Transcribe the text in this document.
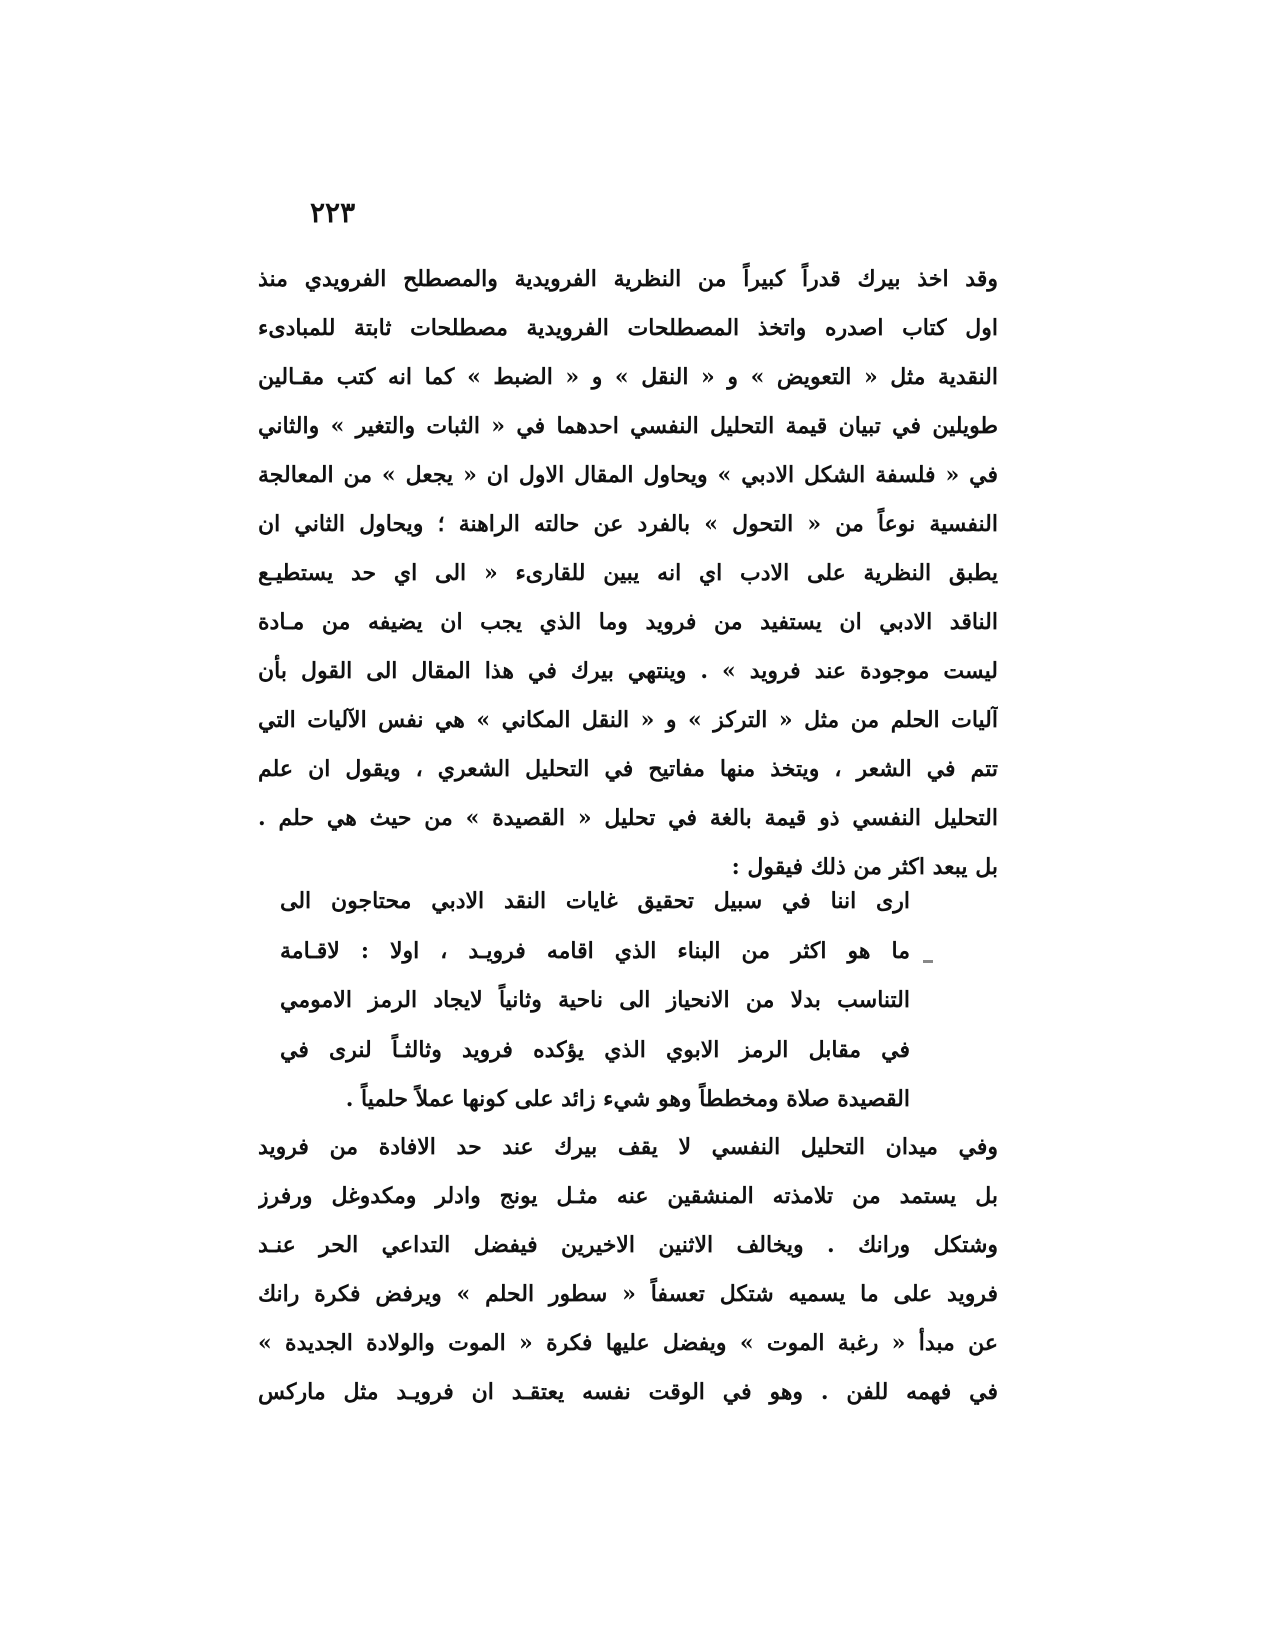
٢٢٣
وقد اخذ بيرك قدراً كبيراً من النظرية الفرويدية والمصطلح الفرويدي منذ
اول كتاب اصدره واتخذ المصطلحات الفرويدية مصطلحات ثابتة للمبادىء
النقدية مثل « التعويض » و « النقل » و « الضبط » كما انه كتب مقـالين
طويلين في تبيان قيمة التحليل النفسي احدهما في « الثبات والتغير » والثاني
في « فلسفة الشكل الادبي » ويحاول المقال الاول ان « يجعل » من المعالجة
النفسية نوعاً من « التحول » بالفرد عن حالته الراهنة ؛ ويحاول الثاني ان
يطبق النظرية على الادب اي انه يبين للقارىء « الى اي حد يستطيـع
الناقد الادبي ان يستفيد من فرويد وما الذي يجب ان يضيفه من مـادة
ليست موجودة عند فرويد » . وينتهي بيرك في هذا المقال الى القول بأن
آليات الحلم من مثل « التركز » و « النقل المكاني » هي نفس الآليات التي
تتم في الشعر ، ويتخذ منها مفاتيح في التحليل الشعري ، ويقول ان علم
التحليل النفسي ذو قيمة بالغة في تحليل « القصيدة » من حيث هي حلم .
بل يبعد اكثر من ذلك فيقول :
ارى اننا في سبيل تحقيق غايات النقد الادبي محتاجون الى
ما هو اكثر من البناء الذي اقامه فرويـد ، اولا : لاقـامة
التناسب بدلا من الانحياز الى ناحية وثانياً لايجاد الرمز الامومي
في مقابل الرمز الابوي الذي يؤكده فرويد وثالثـاً لنرى في
القصيدة صلاة ومخططاً وهو شيء زائد على كونها عملاً حلمياً .
وفي ميدان التحليل النفسي لا يقف بيرك عند حد الافادة من فرويد
بل يستمد من تلامذته المنشقين عنه مثـل يونج وادلر ومكدوغل ورفرز
وشتكل ورانك . ويخالف الاثنين الاخيرين فيفضل التداعي الحر عنـد
فرويد على ما يسميه شتكل تعسفاً « سطور الحلم » ويرفض فكرة رانك
عن مبدأ « رغبة الموت » ويفضل عليها فكرة « الموت والولادة الجديدة »
في فهمه للفن . وهو في الوقت نفسه يعتقـد ان فرويـد مثل ماركس
